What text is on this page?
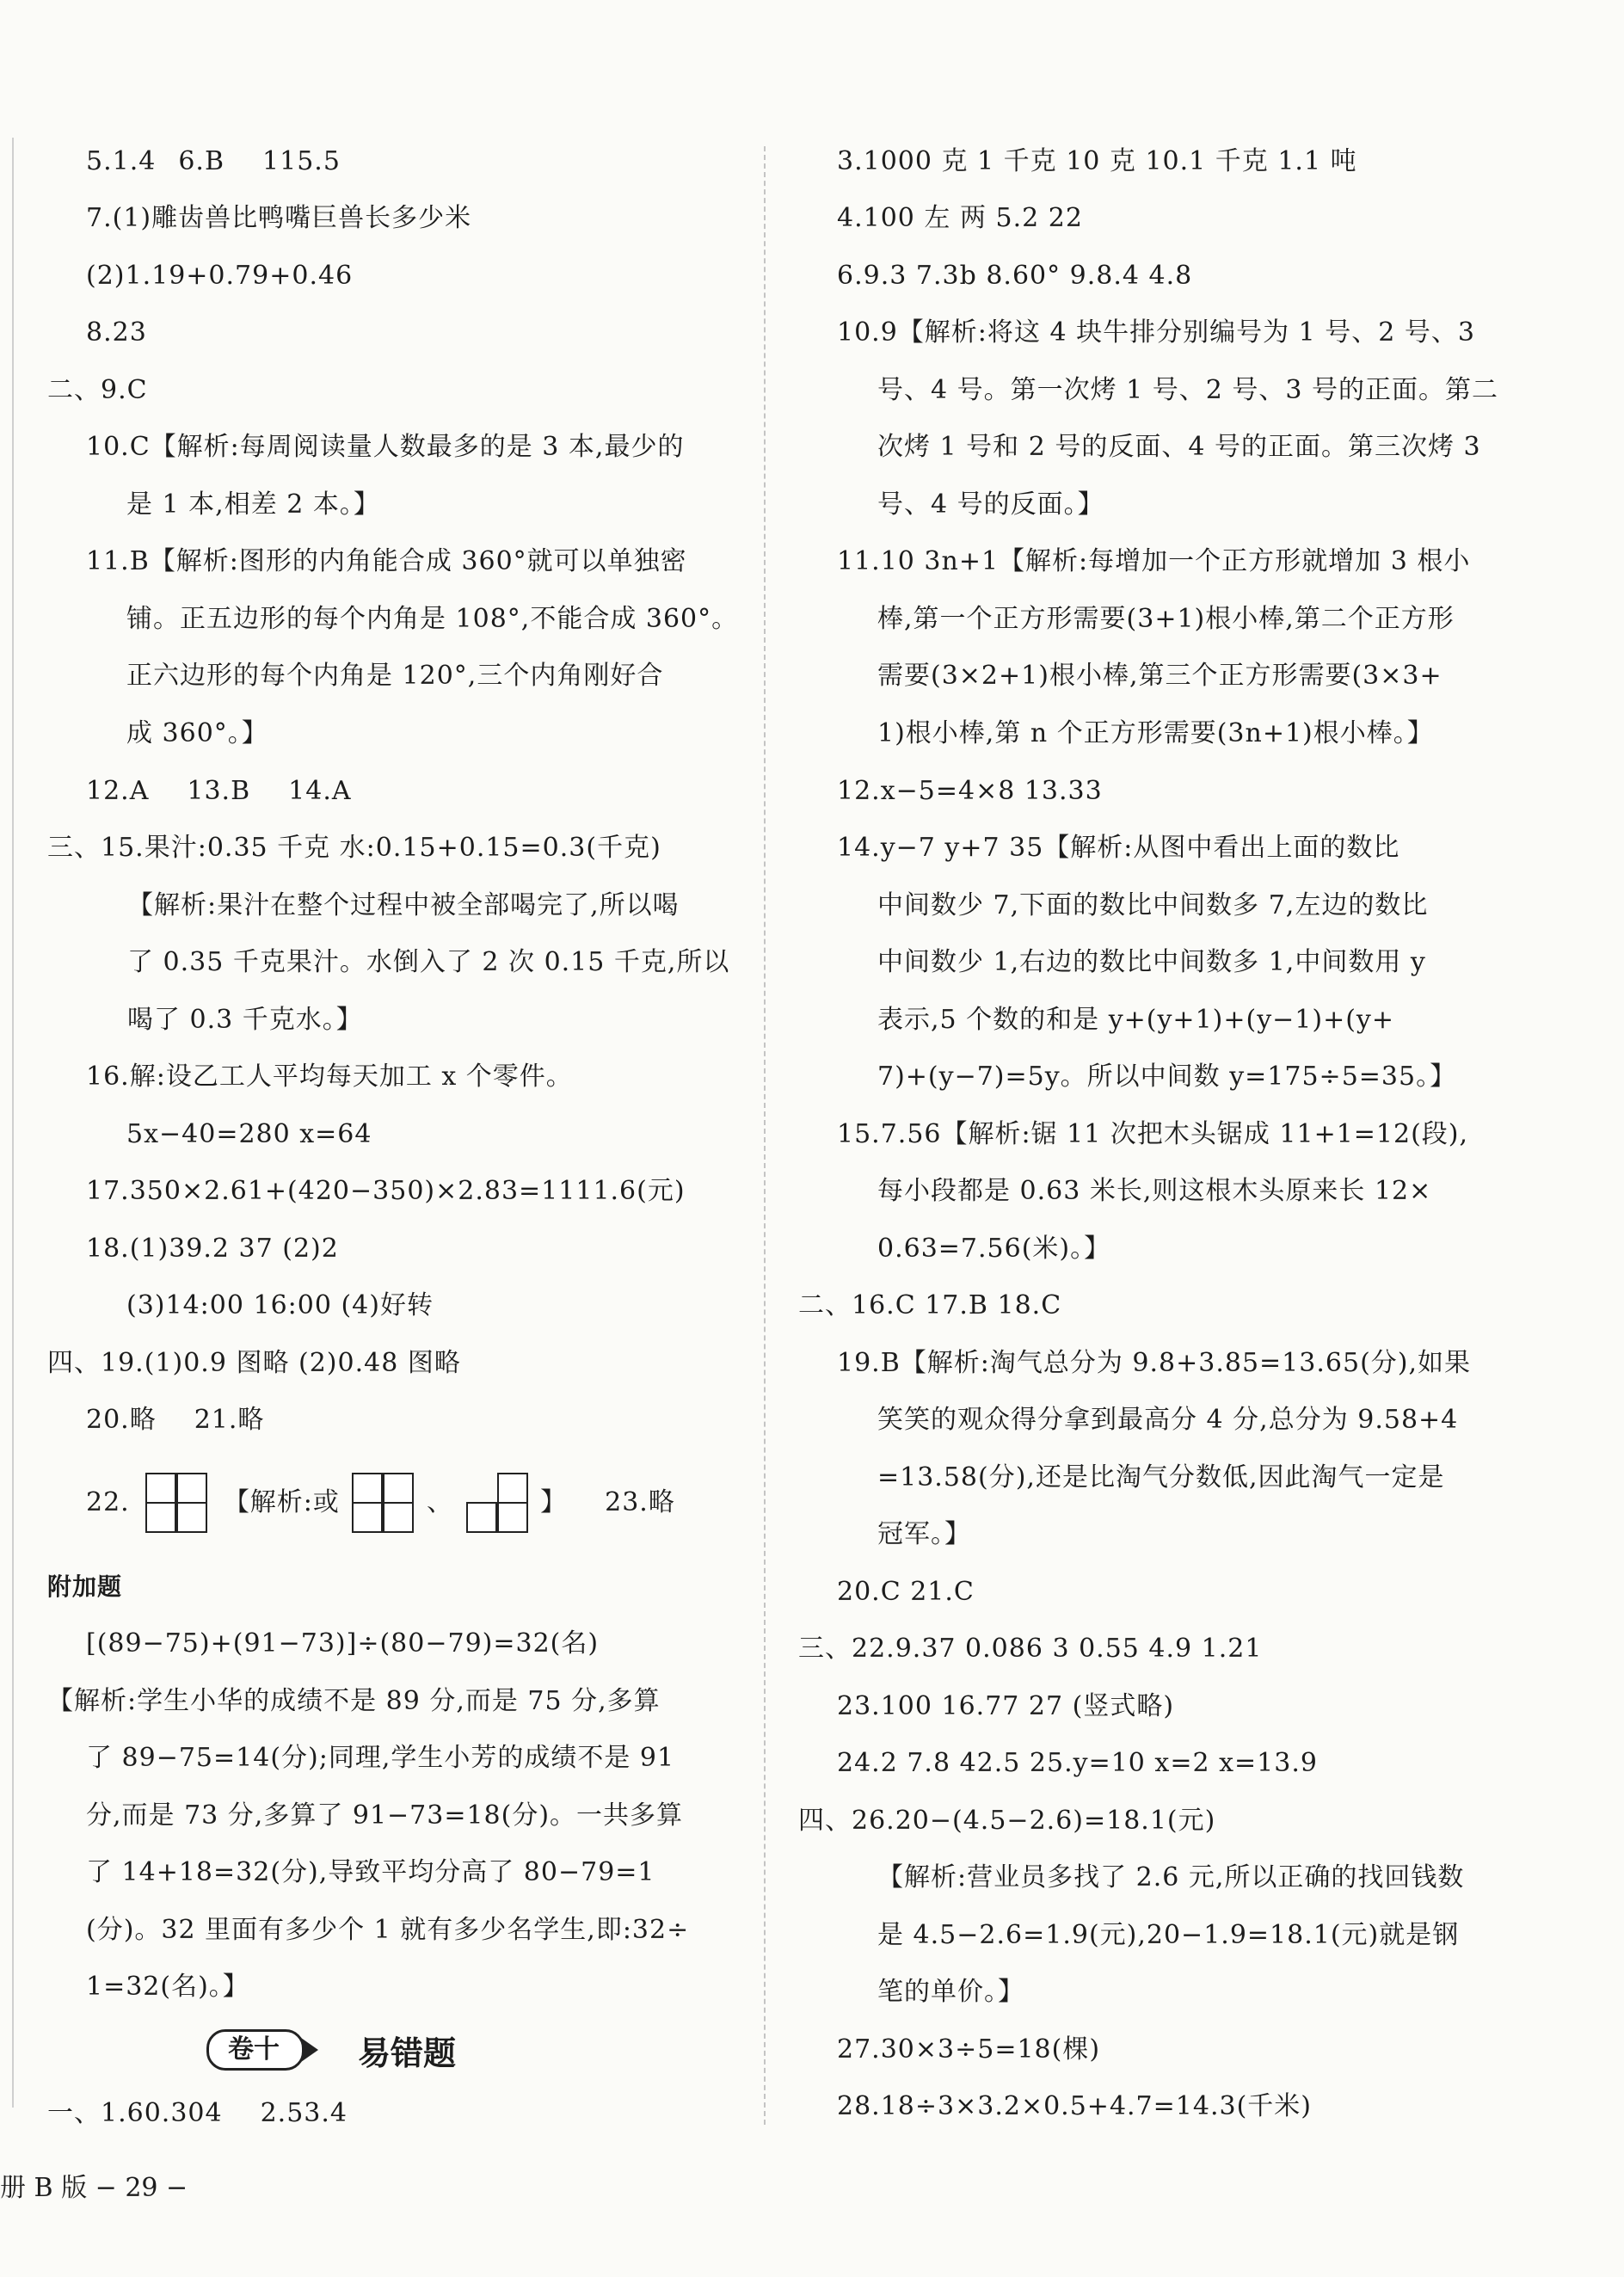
5.1.4 6.B 115.5
7.(1)雕齿兽比鸭嘴巨兽长多少米
(2)1.19+0.79+0.46
8.23
二、9.C
10.C【解析:每周阅读量人数最多的是 3 本,最少的
是 1 本,相差 2 本。】
11.B【解析:图形的内角能合成 360°就可以单独密
铺。正五边形的每个内角是 108°,不能合成 360°。
正六边形的每个内角是 120°,三个内角刚好合
成 360°。】
12.A 13.B 14.A
三、15.果汁:0.35 千克 水:0.15+0.15=0.3(千克)
【解析:果汁在整个过程中被全部喝完了,所以喝
了 0.35 千克果汁。水倒入了 2 次 0.15 千克,所以
喝了 0.3 千克水。】
16.解:设乙工人平均每天加工 x 个零件。
5x−40=280 x=64
17.350×2.61+(420−350)×2.83=1111.6(元)
18.(1)39.2 37 (2)2
(3)14:00 16:00 (4)好转
四、19.(1)0.9 图略 (2)0.48 图略
20.略 21.略
22.	【解析:或	、	】 23.略
附加题
[(89−75)+(91−73)]÷(80−79)=32(名)
【解析:学生小华的成绩不是 89 分,而是 75 分,多算
了 89−75=14(分);同理,学生小芳的成绩不是 91
分,而是 73 分,多算了 91−73=18(分)。一共多算
了 14+18=32(分),导致平均分高了 80−79=1
(分)。32 里面有多少个 1 就有多少名学生,即:32÷
1=32(名)。】
一、1.60.304 2.53.4
卷十	易错题
3.1000 克 1 千克 10 克 10.1 千克 1.1 吨
4.100 左 两 5.2 22
6.9.3 7.3b 8.60° 9.8.4 4.8
10.9【解析:将这 4 块牛排分别编号为 1 号、2 号、3
号、4 号。第一次烤 1 号、2 号、3 号的正面。第二
次烤 1 号和 2 号的反面、4 号的正面。第三次烤 3
号、4 号的反面。】
11.10 3n+1【解析:每增加一个正方形就增加 3 根小
棒,第一个正方形需要(3+1)根小棒,第二个正方形
需要(3×2+1)根小棒,第三个正方形需要(3×3+
1)根小棒,第 n 个正方形需要(3n+1)根小棒。】
12.x−5=4×8 13.33
14.y−7 y+7 35【解析:从图中看出上面的数比
中间数少 7,下面的数比中间数多 7,左边的数比
中间数少 1,右边的数比中间数多 1,中间数用 y
表示,5 个数的和是 y+(y+1)+(y−1)+(y+
7)+(y−7)=5y。所以中间数 y=175÷5=35。】
15.7.56【解析:锯 11 次把木头锯成 11+1=12(段),
每小段都是 0.63 米长,则这根木头原来长 12×
0.63=7.56(米)。】
二、16.C 17.B 18.C
19.B【解析:淘气总分为 9.8+3.85=13.65(分),如果
笑笑的观众得分拿到最高分 4 分,总分为 9.58+4
=13.58(分),还是比淘气分数低,因此淘气一定是
冠军。】
20.C 21.C
三、22.9.37 0.086 3 0.55 4.9 1.21
23.100 16.77 27 (竖式略)
24.2 7.8 42.5 25.y=10 x=2 x=13.9
四、26.20−(4.5−2.6)=18.1(元)
【解析:营业员多找了 2.6 元,所以正确的找回钱数
是 4.5−2.6=1.9(元),20−1.9=18.1(元)就是钢
笔的单价。】
27.30×3÷5=18(棵)
28.18÷3×3.2×0.5+4.7=14.3(千米)
册 B 版 − 29 −
